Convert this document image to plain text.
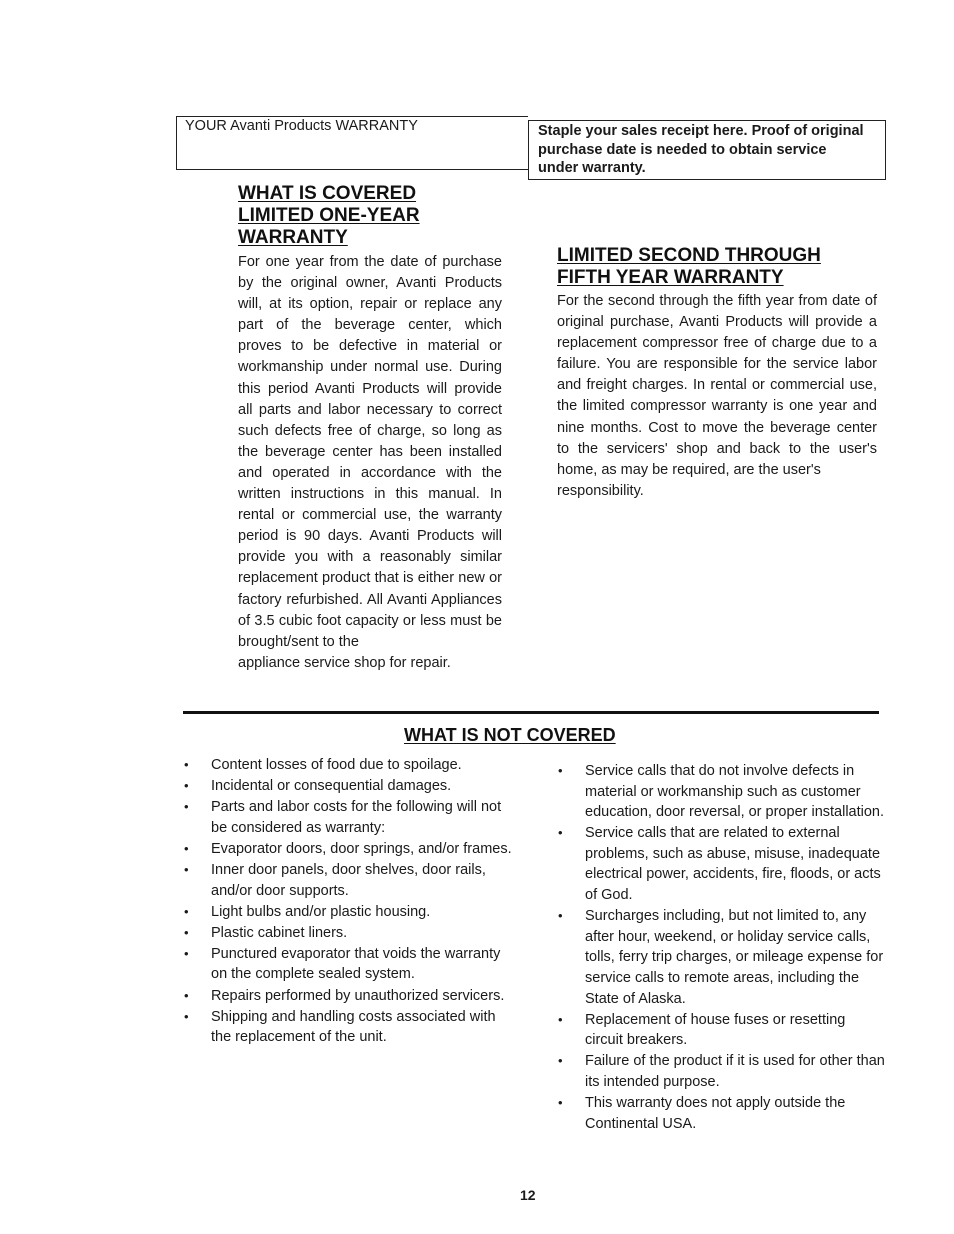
YOUR Avanti Products WARRANTY	Staple your sales receipt here. Proof of original purchase date is needed to obtain service under warranty.
WHAT IS COVERED
LIMITED ONE-YEAR
WARRANTY
For one year from the date of purchase by the original owner, Avanti Products will, at its option, repair or replace any part of the beverage center, which proves to be defective in material or workmanship under normal use. During this period Avanti Products will provide all parts and labor necessary to correct such defects free of charge, so long as the beverage center has been installed and operated in accordance with the written instructions in this manual. In rental or commercial use, the warranty period is 90 days. Avanti Products will provide you with a reasonably similar replacement product that is either new or factory refurbished. All Avanti Appliances of 3.5 cubic foot capacity or less must be brought/sent to the
appliance service shop for repair.
LIMITED SECOND THROUGH
FIFTH YEAR WARRANTY
For the second through the fifth year from date of original purchase, Avanti Products will provide a replacement compressor free of charge due to a failure. You are responsible for the service labor and freight charges. In rental or commercial use, the limited compressor warranty is one year and nine months. Cost to move the beverage center to the servicers' shop and back to the user's home, as may be required, are the user's
responsibility.
WHAT IS NOT COVERED
• Content losses of food due to spoilage.
• Incidental or consequential damages.
• Parts and labor costs for the following will not be considered as warranty:
• Evaporator doors, door springs, and/or frames.
• Inner door panels, door shelves, door rails, and/or door supports.
• Light bulbs and/or plastic housing.
• Plastic cabinet liners.
• Punctured evaporator that voids the warranty on the complete sealed system.
• Repairs performed by unauthorized servicers.
• Shipping and handling costs associated with the replacement of the unit.
• Service calls that do not involve defects in material or workmanship such as customer education, door reversal, or proper installation.
• Service calls that are related to external problems, such as abuse, misuse, inadequate electrical power, accidents, fire, floods, or acts of God.
• Surcharges including, but not limited to, any after hour, weekend, or holiday service calls, tolls, ferry trip charges, or mileage expense for service calls to remote areas, including the State of Alaska.
• Replacement of house fuses or resetting circuit breakers.
• Failure of the product if it is used for other than its intended purpose.
• This warranty does not apply outside the Continental USA.
12
